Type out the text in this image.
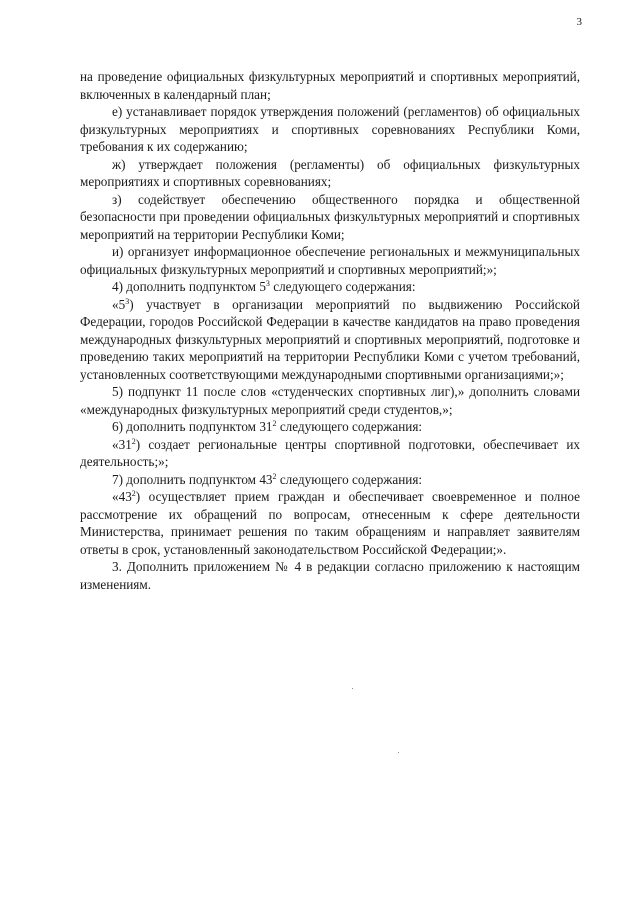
3

на проведение официальных физкультурных мероприятий и спортивных мероприятий, включенных в календарный план;

е) устанавливает порядок утверждения положений (регламентов) об официальных физкультурных мероприятиях и спортивных соревнованиях Республики Коми, требования к их содержанию;

ж) утверждает положения (регламенты) об официальных физкультурных мероприятиях и спортивных соревнованиях;

з) содействует обеспечению общественного порядка и общественной безопасности при проведении официальных физкультурных мероприятий и спортивных мероприятий на территории Республики Коми;

и) организует информационное обеспечение региональных и межмуниципальных официальных физкультурных мероприятий и спортивных мероприятий;»;

4) дополнить подпунктом $5^3$ следующего содержания:

«$5^3$) участвует в организации мероприятий по выдвижению Российской Федерации, городов Российской Федерации в качестве кандидатов на право проведения международных физкультурных мероприятий и спортивных мероприятий, подготовке и проведению таких мероприятий на территории Республики Коми с учетом требований, установленных соответствующими международными спортивными организациями;»;

5) подпункт 11 после слов «студенческих спортивных лиг),» дополнить словами «международных физкультурных мероприятий среди студентов,»;

6) дополнить подпунктом $31^2$ следующего содержания:

«$31^2$) создает региональные центры спортивной подготовки, обеспечивает их деятельность;»;

7) дополнить подпунктом $43^2$ следующего содержания:

«$43^2$) осуществляет прием граждан и обеспечивает своевременное и полное рассмотрение их обращений по вопросам, отнесенным к сфере деятельности Министерства, принимает решения по таким обращениям и направляет заявителям ответы в срок, установленный законодательством Российской Федерации;».

3. Дополнить приложением № 4 в редакции согласно приложению к настоящим изменениям.
